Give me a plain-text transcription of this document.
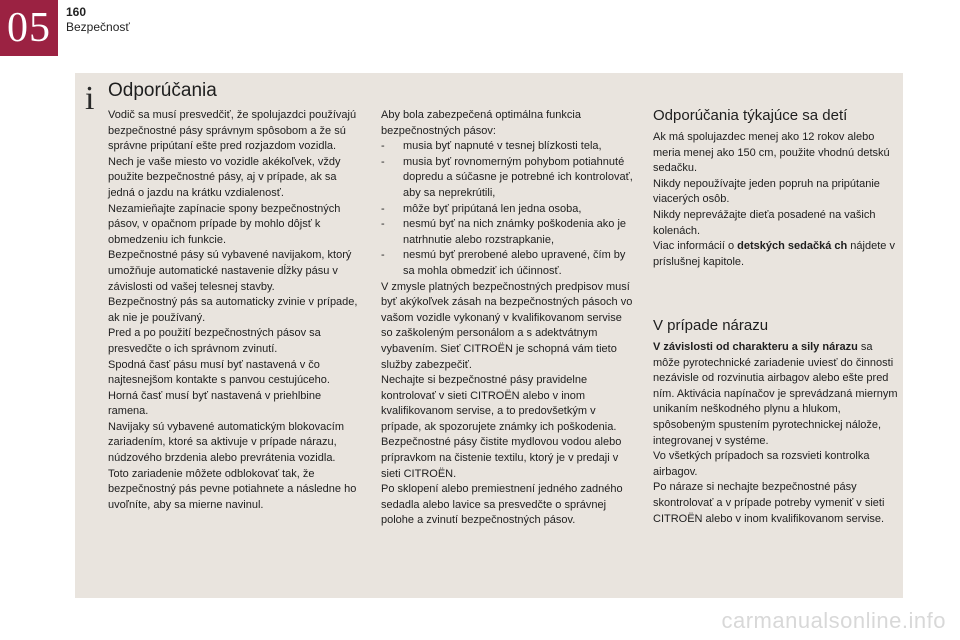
05	160
Bezpečnosť
i Odporúčania

Vodič sa musí presvedčiť, že spolujazdci používajú bezpečnostné pásy správnym spôsobom a že sú správne pripútaní ešte pred rozjazdom vozidla.

Nech je vaše miesto vo vozidle akékoľvek, vždy použite bezpečnostné pásy, aj v prípade, ak sa jedná o jazdu na krátku vzdialenosť.

Nezamieňajte zapínacie spony bezpečnostných pásov, v opačnom prípade by mohlo dôjsť k obmedzeniu ich funkcie.

Bezpečnostné pásy sú vybavené navijakom, ktorý umožňuje automatické nastavenie dĺžky pásu v závislosti od vašej telesnej stavby.

Bezpečnostný pás sa automaticky zvinie v prípade, ak nie je používaný.

Pred a po použití bezpečnostných pásov sa presvedčte o ich správnom zvinutí.

Spodná časť pásu musí byť nastavená v čo najtesnejšom kontakte s panvou cestujúceho.

Horná časť musí byť nastavená v priehlbine ramena.

Navijaky sú vybavené automatickým blokovacím zariadením, ktoré sa aktivuje v prípade nárazu, núdzového brzdenia alebo prevrátenia vozidla. Toto zariadenie môžete odblokovať tak, že bezpečnostný pás pevne potiahnete a následne ho uvoľníte, aby sa mierne navinul.

Aby bola zabezpečená optimálna funkcia bezpečnostných pásov:

- musia byť napnuté v tesnej blízkosti tela,
- musia byť rovnomerným pohybom potiahnuté dopredu a súčasne je potrebné ich kontrolovať, aby sa neprekrútili,
- môže byť pripútaná len jedna osoba,
- nesmú byť na nich známky poškodenia ako je natrhnutie alebo rozstrapkanie,
- nesmú byť prerobené alebo upravené, čím by sa mohla obmedziť ich účinnosť.

V zmysle platných bezpečnostných predpisov musí byť akýkoľvek zásah na bezpečnostných pásoch vo vašom vozidle vykonaný v kvalifikovanom servise so zaškoleným personálom a s adektvátnym vybavením. Sieť CITROËN je schopná vám tieto služby zabezpečiť.

Nechajte si bezpečnostné pásy pravidelne kontrolovať v sieti CITROËN alebo v inom kvalifikovanom servise, a to predovšetkým v prípade, ak spozorujete známky ich poškodenia.

Bezpečnostné pásy čistite mydlovou vodou alebo prípravkom na čistenie textilu, ktorý je v predaji v sieti CITROËN.

Po sklopení alebo premiestnení jedného zadného sedadla alebo lavice sa presvedčte o správnej polohe a zvinutí bezpečnostných pásov.

Odporúčania týkajúce sa detí

Ak má spolujazdec menej ako 12 rokov alebo meria menej ako 150 cm, použite vhodnú detskú sedačku.

Nikdy nepoužívajte jeden popruh na pripútanie viacerých osôb.

Nikdy neprevážajte dieťa posadené na vašich kolenách.

Viac informácií o detských sedačká ch nájdete v príslušnej kapitole.

V prípade nárazu

V závislosti od charakteru a sily nárazu sa môže pyrotechnické zariadenie uviesť do činnosti nezávisle od rozvinutia airbagov alebo ešte pred ním. Aktivácia napínačov je sprevádzaná miernym unikaním neškodného plynu a hlukom, spôsobeným spustením pyrotechnickej nálože, integrovanej v systéme.

Vo všetkých prípadoch sa rozsvieti kontrolka airbagov.

Po náraze si nechajte bezpečnostné pásy skontrolovať a v prípade potreby vymeniť v sieti CITROËN alebo v inom kvalifikovanom servise.

carmanualsonline.info
